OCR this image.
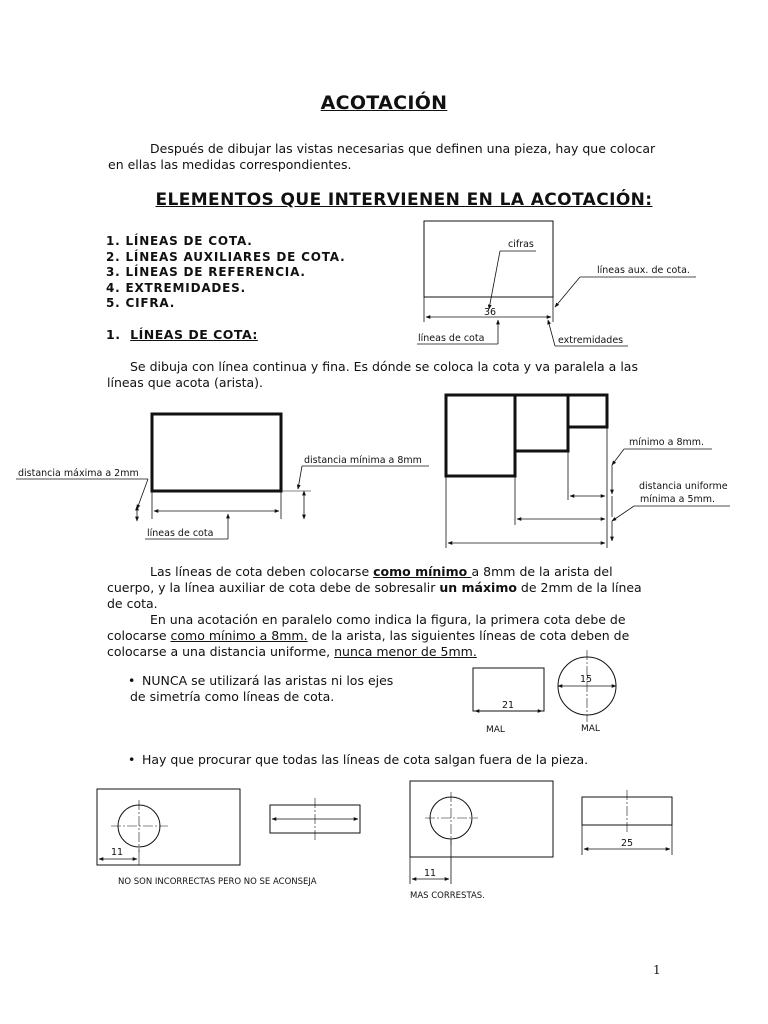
ACOTACIÓN
Después de dibujar las vistas necesarias que definen una pieza, hay que colocar
en ellas las medidas correspondientes.
ELEMENTOS QUE INTERVIENEN EN LA ACOTACIÓN:
1. LÍNEAS DE COTA.
2. LÍNEAS AUXILIARES DE COTA.
3. LÍNEAS DE REFERENCIA.
4. EXTREMIDADES.
5. CIFRA.
1. LÍNEAS DE COTA:
Se dibuja con línea continua y fina. Es dónde se coloca la cota y va paralela a las
líneas que acota (arista).
Las líneas de cota deben colocarse como mínimo a 8mm de la arista del
cuerpo, y la línea auxiliar de cota debe de sobresalir un máximo de 2mm de la línea
de cota.
En una acotación en paralelo como indica la figura, la primera cota debe de
colocarse como mínimo a 8mm. de la arista, las siguientes líneas de cota deben de
colocarse a una distancia uniforme, nunca menor de 5mm.
• NUNCA se utilizará las aristas ni los ejes
de simetría como líneas de cota.
• Hay que procurar que todas las líneas de cota salgan fuera de la pieza.
1
36
cifras
líneas aux. de cota.
líneas de cota	extremidades
distancia máxima a 2mm
distancia mínima a 8mm
líneas de cota
mínimo a 8mm.
distancia uniforme
mínima a 5mm.
21
MAL
15
MAL
11
NO SON INCORRECTAS PERO NO SE ACONSEJA
11
MAS CORRESTAS.
25
